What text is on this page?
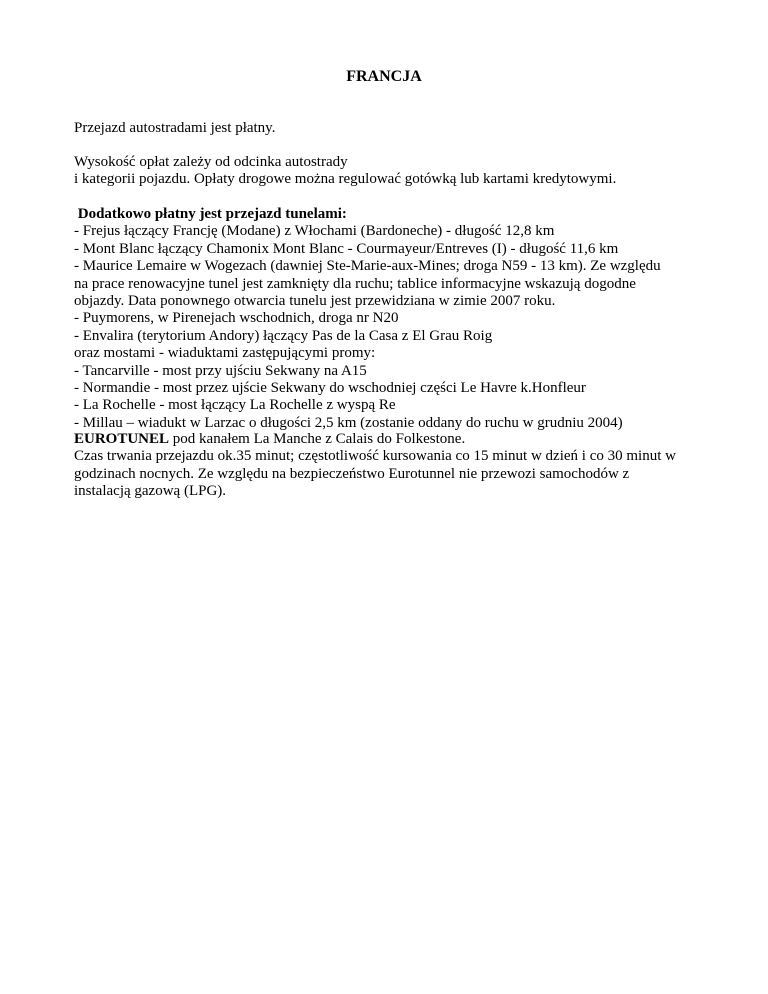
FRANCJA
Przejazd autostradami jest płatny.
Wysokość opłat zależy od odcinka autostrady
i kategorii pojazdu. Opłaty drogowe można regulować gotówką lub kartami kredytowymi.
Dodatkowo płatny jest przejazd tunelami:
- Frejus łączący Francję (Modane) z Włochami (Bardoneche) - długość 12,8 km
- Mont Blanc łączący Chamonix Mont Blanc - Courmayeur/Entreves (I) - długość 11,6 km
- Maurice Lemaire w Wogezach (dawniej Ste-Marie-aux-Mines; droga N59 - 13 km). Ze względu
na prace renowacyjne tunel jest zamknięty dla ruchu; tablice informacyjne wskazują dogodne
objazdy. Data ponownego otwarcia tunelu jest przewidziana w zimie 2007 roku.
- Puymorens, w Pirenejach wschodnich, droga nr N20
- Envalira (terytorium Andory) łączący Pas de la Casa z El Grau Roig
oraz mostami - wiaduktami zastępującymi promy:
- Tancarville - most przy ujściu Sekwany na A15
- Normandie - most przez ujście Sekwany do wschodniej części Le Havre k.Honfleur
- La Rochelle - most łączący La Rochelle z wyspą Re
- Millau – wiadukt w Larzac o długości 2,5 km (zostanie oddany do ruchu w grudniu 2004)
EUROTUNEL pod kanałem La Manche z Calais do Folkestone.
Czas trwania przejazdu ok.35 minut; częstotliwość kursowania co 15 minut w dzień i co 30 minut w
godzinach nocnych. Ze względu na bezpieczeństwo Eurotunnel nie przewozi samochodów z
instalacją gazową (LPG).
